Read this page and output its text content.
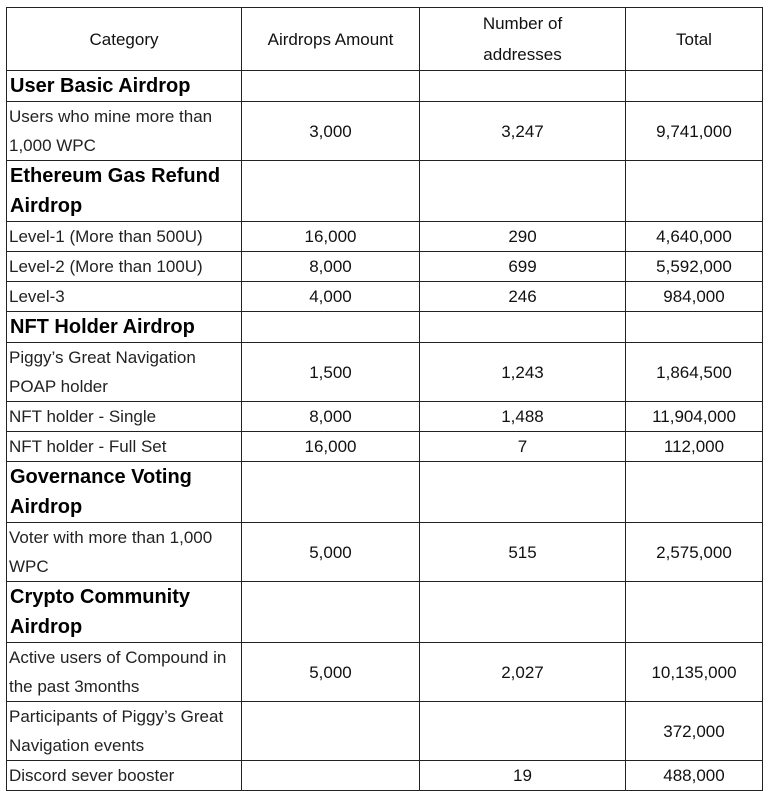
Category	Airdrops Amount	Number of addresses	Total
User Basic Airdrop			
Users who mine more than 1,000 WPC	3,000	3,247	9,741,000
Ethereum Gas Refund Airdrop			
Level-1 (More than 500U)	16,000	290	4,640,000
Level-2 (More than 100U)	8,000	699	5,592,000
Level-3	4,000	246	984,000
NFT Holder Airdrop			
Piggy’s Great Navigation POAP holder	1,500	1,243	1,864,500
NFT holder - Single	8,000	1,488	11,904,000
NFT holder - Full Set	16,000	7	112,000
Governance Voting Airdrop			
Voter with more than 1,000 WPC	5,000	515	2,575,000
Crypto Community Airdrop			
Active users of Compound in the past 3months	5,000	2,027	10,135,000
Participants of Piggy’s Great Navigation events			372,000
Discord sever booster		19	488,000
